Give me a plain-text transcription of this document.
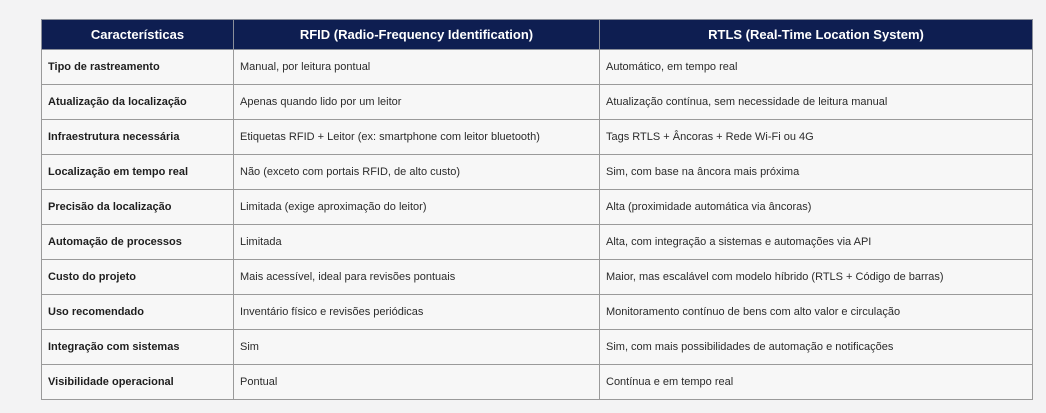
Características	RFID (Radio-Frequency Identification)	RTLS (Real-Time Location System)
Tipo de rastreamento	Manual, por leitura pontual	Automático, em tempo real
Atualização da localização	Apenas quando lido por um leitor	Atualização contínua, sem necessidade de leitura manual
Infraestrutura necessária	Etiquetas RFID + Leitor (ex: smartphone com leitor bluetooth)	Tags RTLS + Âncoras + Rede Wi-Fi ou 4G
Localização em tempo real	Não (exceto com portais RFID, de alto custo)	Sim, com base na âncora mais próxima
Precisão da localização	Limitada (exige aproximação do leitor)	Alta (proximidade automática via âncoras)
Automação de processos	Limitada	Alta, com integração a sistemas e automações via API
Custo do projeto	Mais acessível, ideal para revisões pontuais	Maior, mas escalável com modelo híbrido (RTLS + Código de barras)
Uso recomendado	Inventário físico e revisões periódicas	Monitoramento contínuo de bens com alto valor e circulação
Integração com sistemas	Sim	Sim, com mais possibilidades de automação e notificações
Visibilidade operacional	Pontual	Contínua e em tempo real
